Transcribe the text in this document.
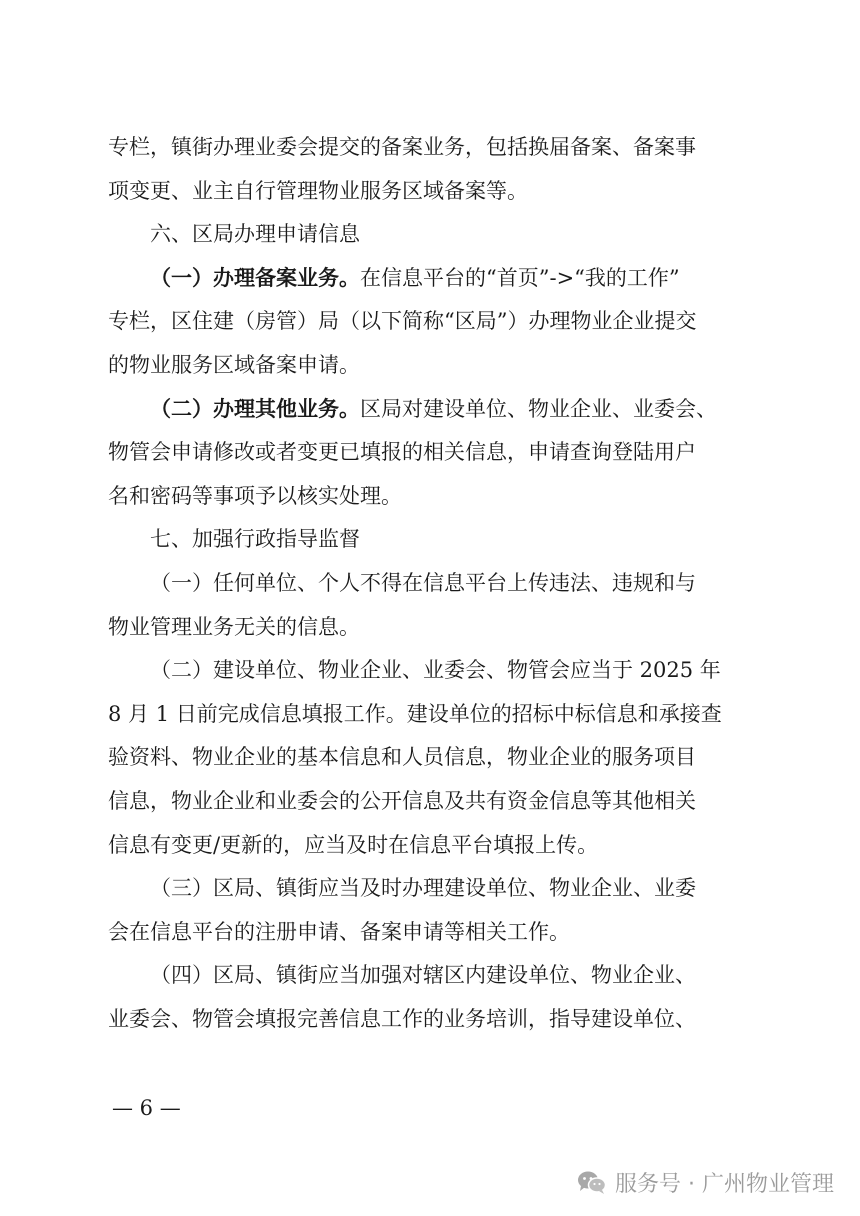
专栏，镇街办理业委会提交的备案业务，包括换届备案、备案事
项变更、业主自行管理物业服务区域备案等。
六、区局办理申请信息
（一）办理备案业务。在信息平台的“首页”->“我的工作”
专栏，区住建（房管）局（以下简称“区局”）办理物业企业提交
的物业服务区域备案申请。
（二）办理其他业务。区局对建设单位、物业企业、业委会、
物管会申请修改或者变更已填报的相关信息，申请查询登陆用户
名和密码等事项予以核实处理。
七、加强行政指导监督
（一）任何单位、个人不得在信息平台上传违法、违规和与
物业管理业务无关的信息。
（二）建设单位、物业企业、业委会、物管会应当于 2025 年
8 月 1 日前完成信息填报工作。建设单位的招标中标信息和承接查
验资料、物业企业的基本信息和人员信息，物业企业的服务项目
信息，物业企业和业委会的公开信息及共有资金信息等其他相关
信息有变更/更新的，应当及时在信息平台填报上传。
（三）区局、镇街应当及时办理建设单位、物业企业、业委
会在信息平台的注册申请、备案申请等相关工作。
（四）区局、镇街应当加强对辖区内建设单位、物业企业、
业委会、物管会填报完善信息工作的业务培训，指导建设单位、
— 6 —
服务号 · 广州物业管理
